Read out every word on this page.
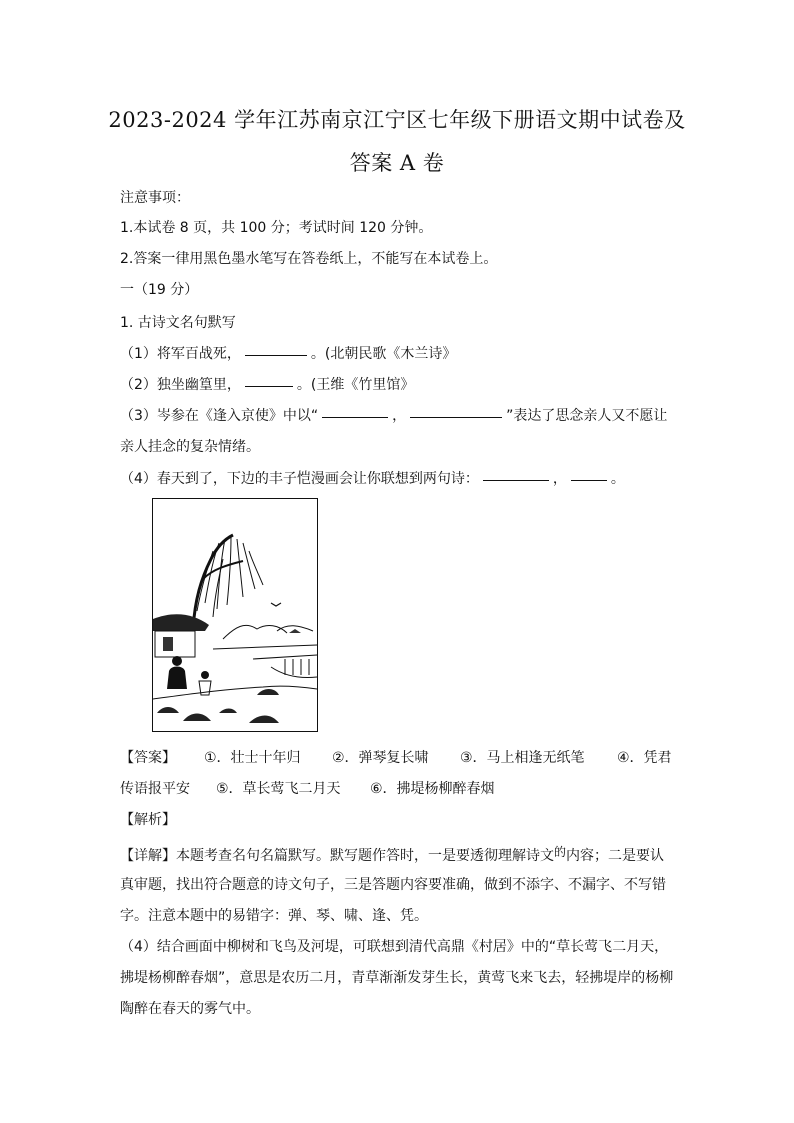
2023-2024 学年江苏南京江宁区七年级下册语文期中试卷及
答案 A 卷
注意事项：
1.本试卷 8 页，共 100 分；考试时间 120 分钟。
2.答案一律用黑色墨水笔写在答卷纸上，不能写在本试卷上。
一（19 分）
1. 古诗文名句默写
（1）将军百战死，	。(北朝民歌《木兰诗》
（2）独坐幽篁里，	。(王维《竹里馆》
（3）岑参在《逢入京使》中以“	，	”表达了思念亲人又不愿让
亲人挂念的复杂情绪。
（4）春天到了，下边的丰子恺漫画会让你联想到两句诗：	，	。
【答案】 ①．壮士十年归 ②．弹琴复长啸 ③．马上相逢无纸笔 ④．凭君
传语报平安 ⑤．草长莺飞二月天 ⑥．拂堤杨柳醉春烟
【解析】
【详解】本题考查名句名篇默写。默写题作答时，一是要透彻理解诗文$^的$内容；二是要认
真审题，找出符合题意的诗文句子，三是答题内容要准确，做到不添字、不漏字、不写错
字。注意本题中的易错字：弹、琴、啸、逢、凭。
（4）结合画面中柳树和飞鸟及河堤，可联想到清代高鼎《村居》中的“草长莺飞二月天，
拂堤杨柳醉春烟”，意思是农历二月，青草渐渐发芽生长，黄莺飞来飞去，轻拂堤岸的杨柳
陶醉在春天的雾气中。
